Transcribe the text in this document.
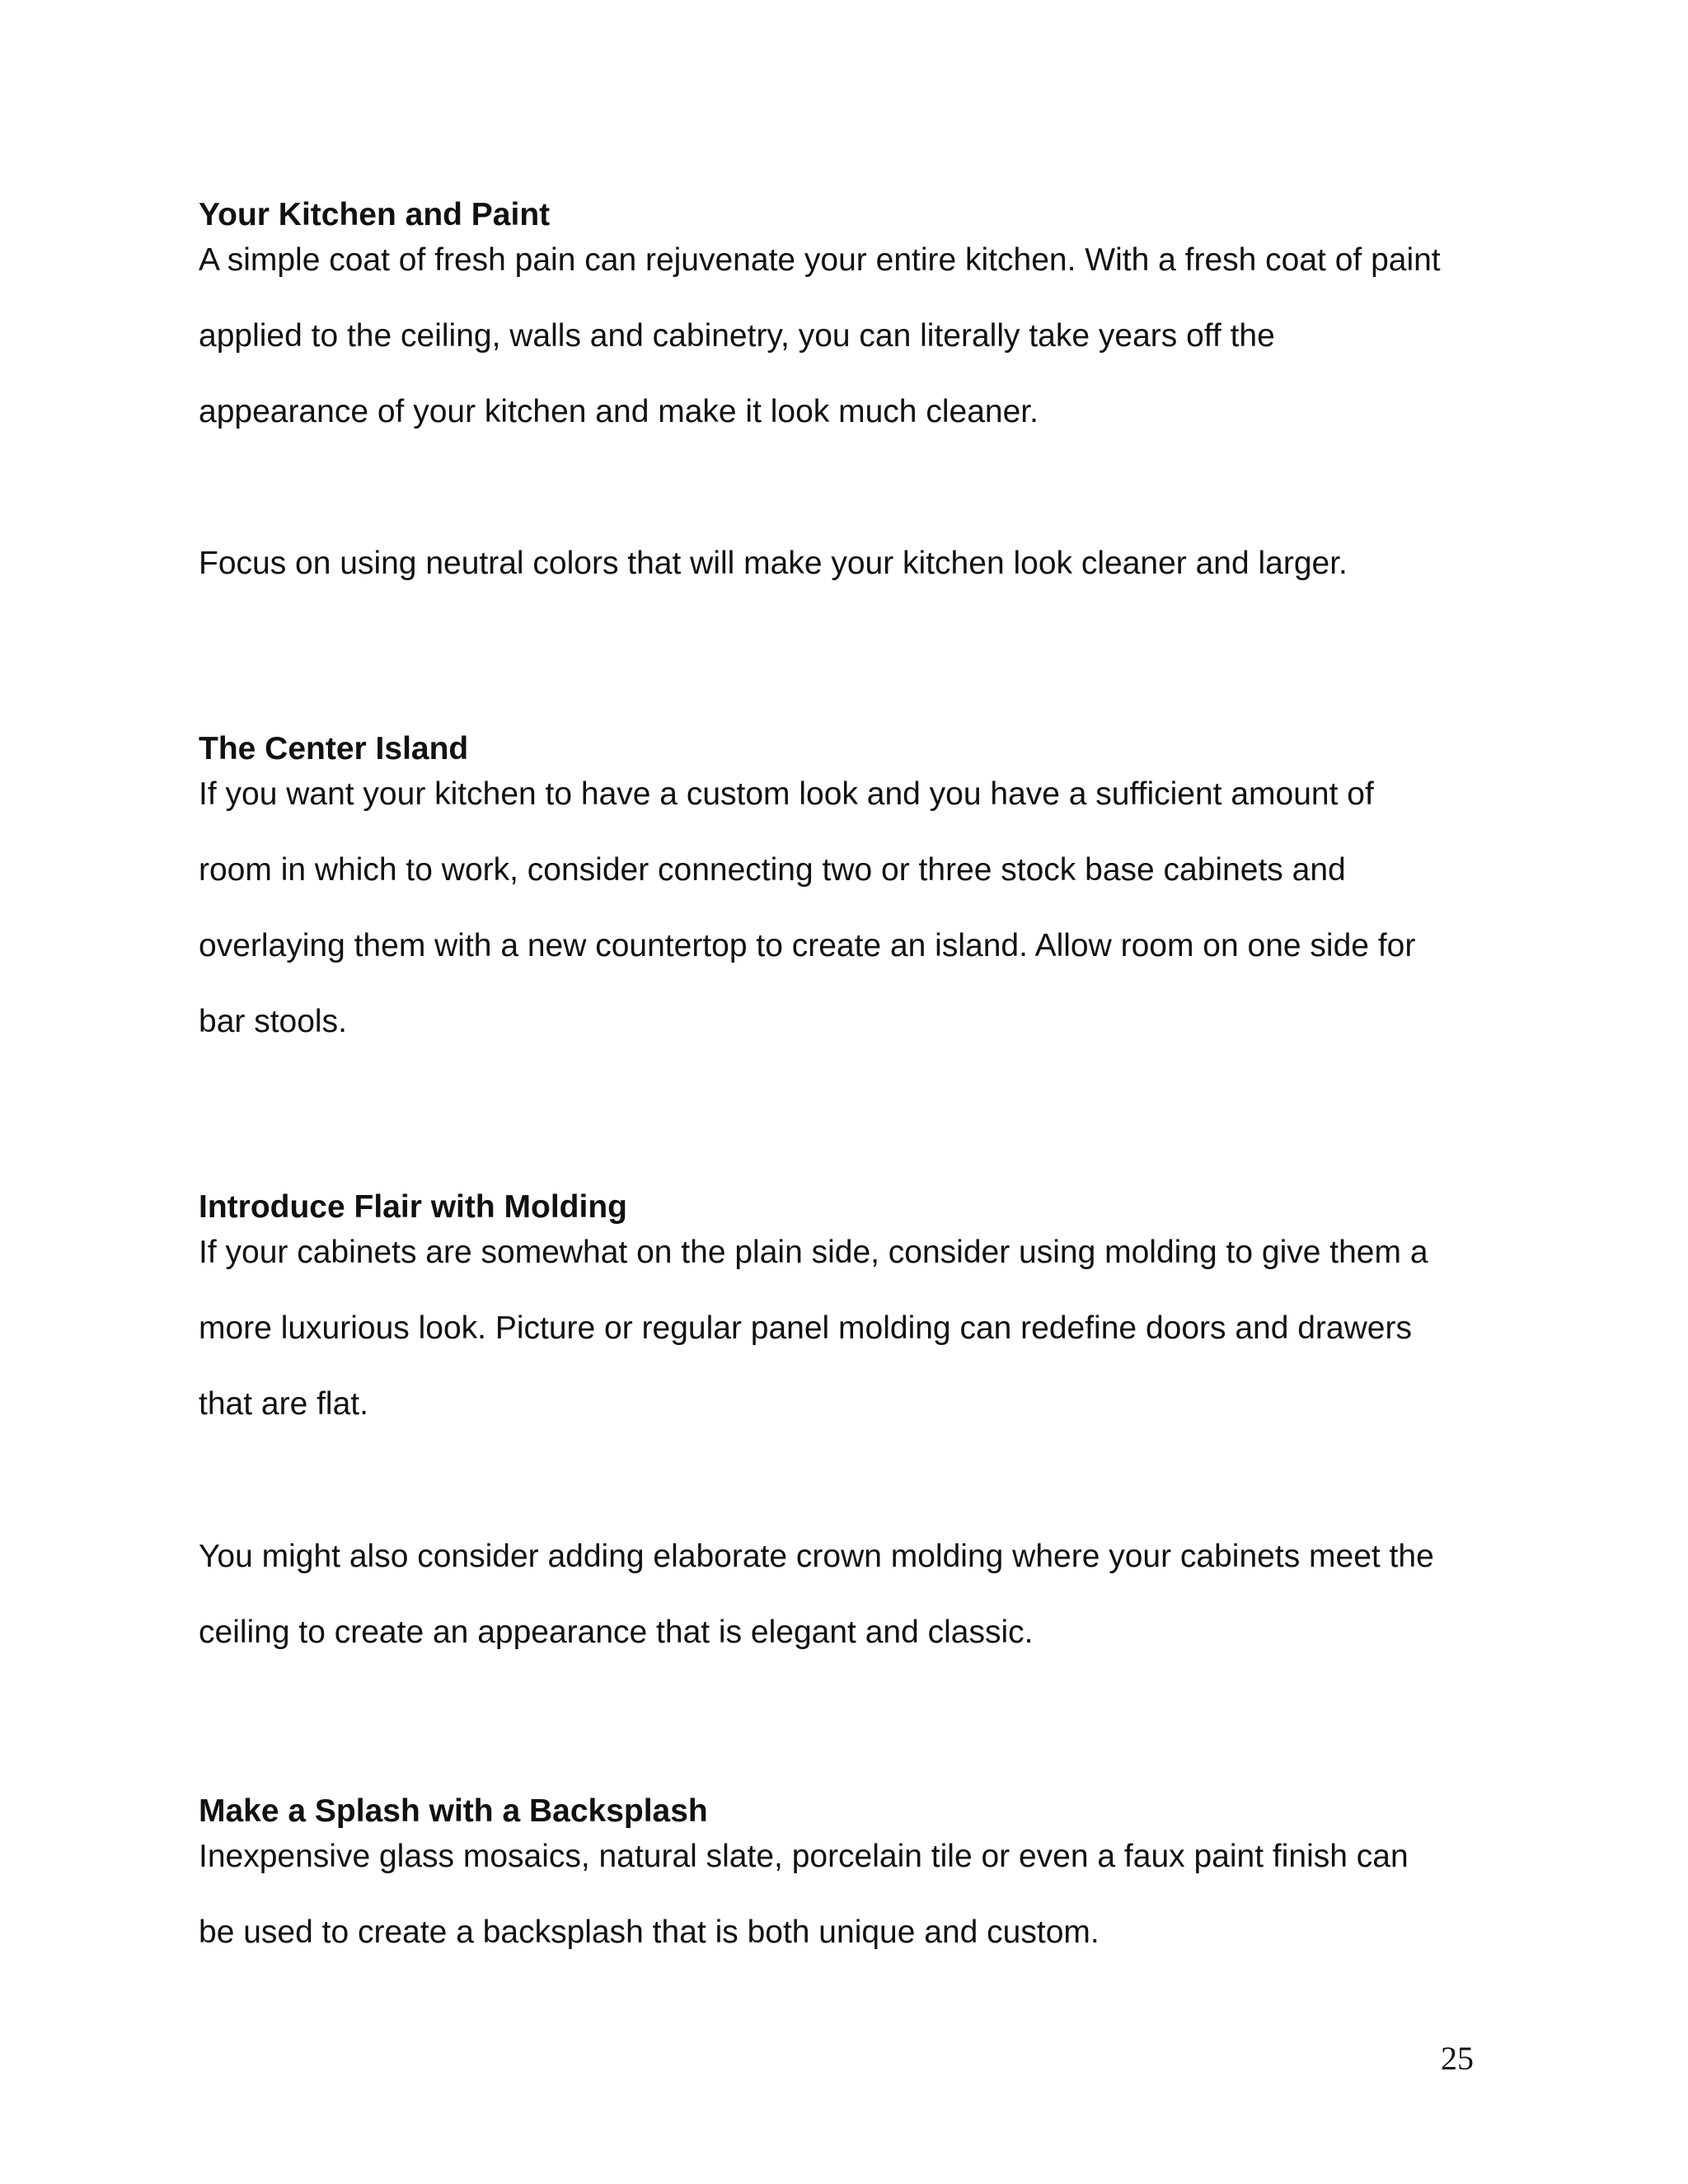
Your Kitchen and Paint

A simple coat of fresh pain can rejuvenate your entire kitchen. With a fresh coat of paint

applied to the ceiling, walls and cabinetry, you can literally take years off the

appearance of your kitchen and make it look much cleaner.

Focus on using neutral colors that will make your kitchen look cleaner and larger.

The Center Island

If you want your kitchen to have a custom look and you have a sufficient amount of

room in which to work, consider connecting two or three stock base cabinets and

overlaying them with a new countertop to create an island. Allow room on one side for

bar stools.

Introduce Flair with Molding

If your cabinets are somewhat on the plain side, consider using molding to give them a

more luxurious look. Picture or regular panel molding can redefine doors and drawers

that are flat.

You might also consider adding elaborate crown molding where your cabinets meet the

ceiling to create an appearance that is elegant and classic.

Make a Splash with a Backsplash

Inexpensive glass mosaics, natural slate, porcelain tile or even a faux paint finish can

be used to create a backsplash that is both unique and custom.

25
